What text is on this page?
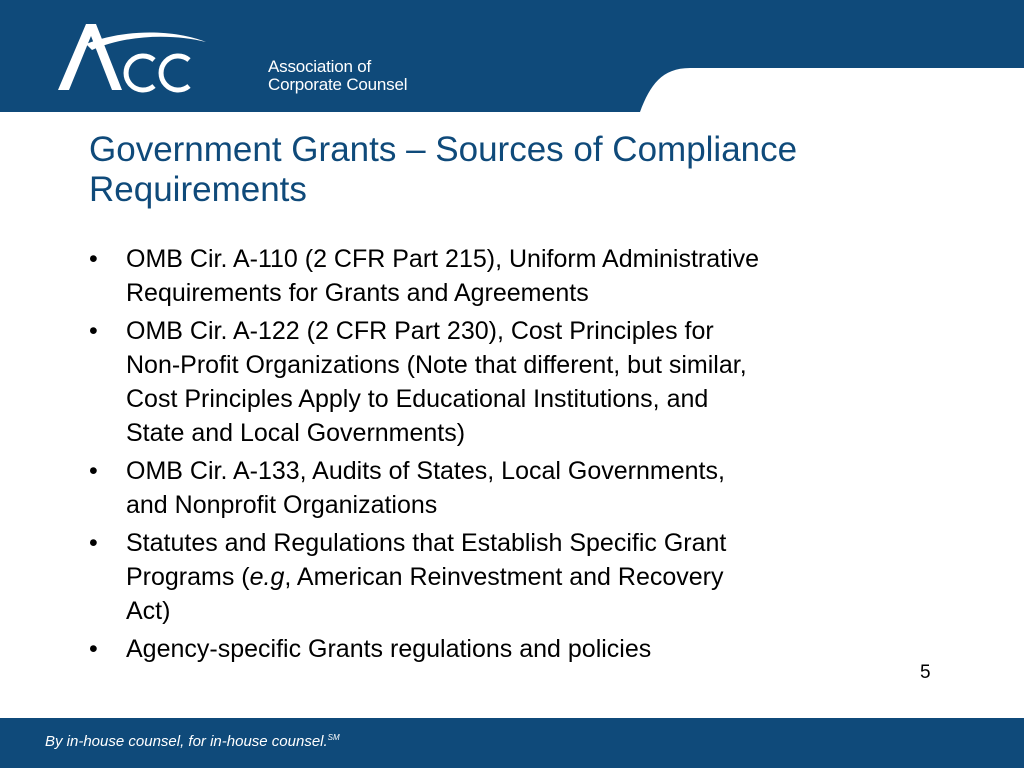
Association of
Corporate Counsel
Government Grants – Sources of Compliance
Requirements
• OMB Cir. A-110 (2 CFR Part 215), Uniform Administrative
Requirements for Grants and Agreements
• OMB Cir. A-122 (2 CFR Part 230), Cost Principles for
Non-Profit Organizations (Note that different, but similar,
Cost Principles Apply to Educational Institutions, and
State and Local Governments)
• OMB Cir. A-133, Audits of States, Local Governments,
and Nonprofit Organizations
• Statutes and Regulations that Establish Specific Grant
Programs (e.g, American Reinvestment and Recovery
Act)
• Agency-specific Grants regulations and policies
5
By in-house counsel, for in-house counsel.℠
